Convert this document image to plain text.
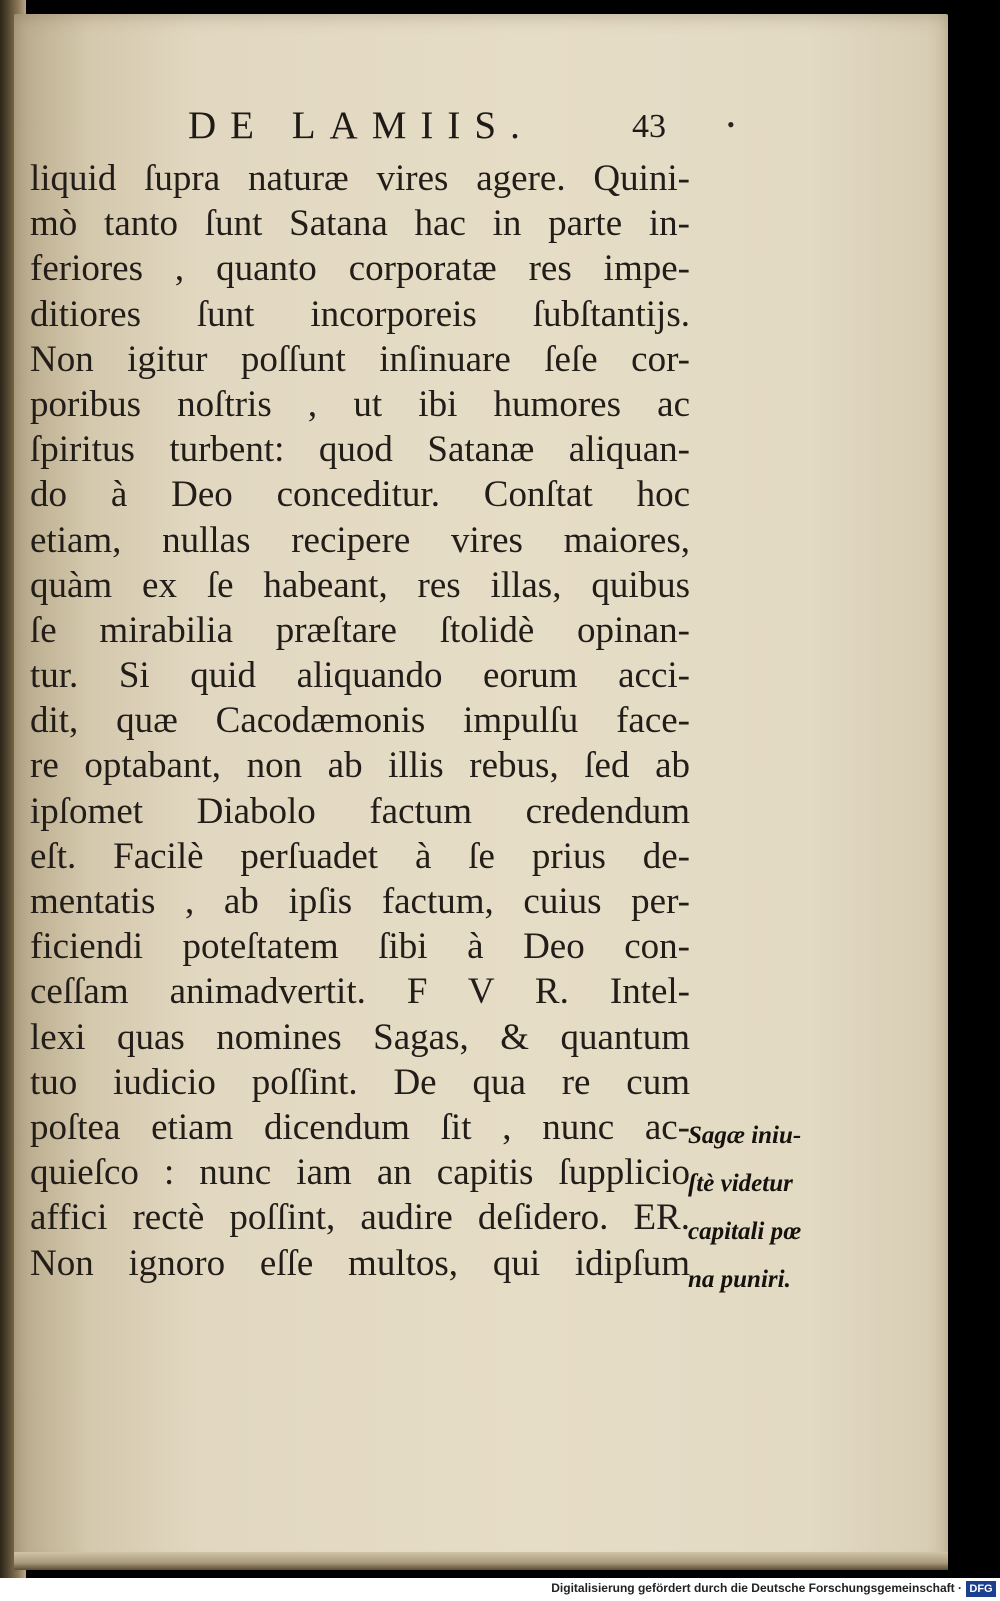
DE LAMIIS.	43	•
liquid ſupra naturæ vires agere. Quini-
mò tanto ſunt Satana hac in parte in-
feriores , quanto corporatæ res impe-
ditiores ſunt incorporeis ſubſtantijs.
Non igitur poſſunt inſinuare ſeſe cor-
poribus noſtris , ut ibi humores ac
ſpiritus turbent: quod Satanæ aliquan-
do à Deo conceditur. Conſtat hoc
etiam, nullas recipere vires maiores,
quàm ex ſe habeant, res illas, quibus
ſe mirabilia præſtare ſtolidè opinan-
tur. Si quid aliquando eorum acci-
dit, quæ Cacodæmonis impulſu face-
re optabant, non ab illis rebus, ſed ab
ipſomet Diabolo factum credendum
eſt. Facilè perſuadet à ſe prius de-
mentatis , ab ipſis factum, cuius per-
ficiendi poteſtatem ſibi à Deo con-
ceſſam animadvertit. F V R. Intel-
lexi quas nomines Sagas, & quantum
tuo iudicio poſſint. De qua re cum
poſtea etiam dicendum ſit , nunc ac-
quieſco : nunc iam an capitis ſupplicio
affici rectè poſſint, audire deſidero. ER.
Non ignoro eſſe multos, qui idipſum
Sagæ iniu-
ſtè videtur
capitali pœ
na puniri.
Digitalisierung gefördert durch die Deutsche Forschungsgemeinschaft · DFG
